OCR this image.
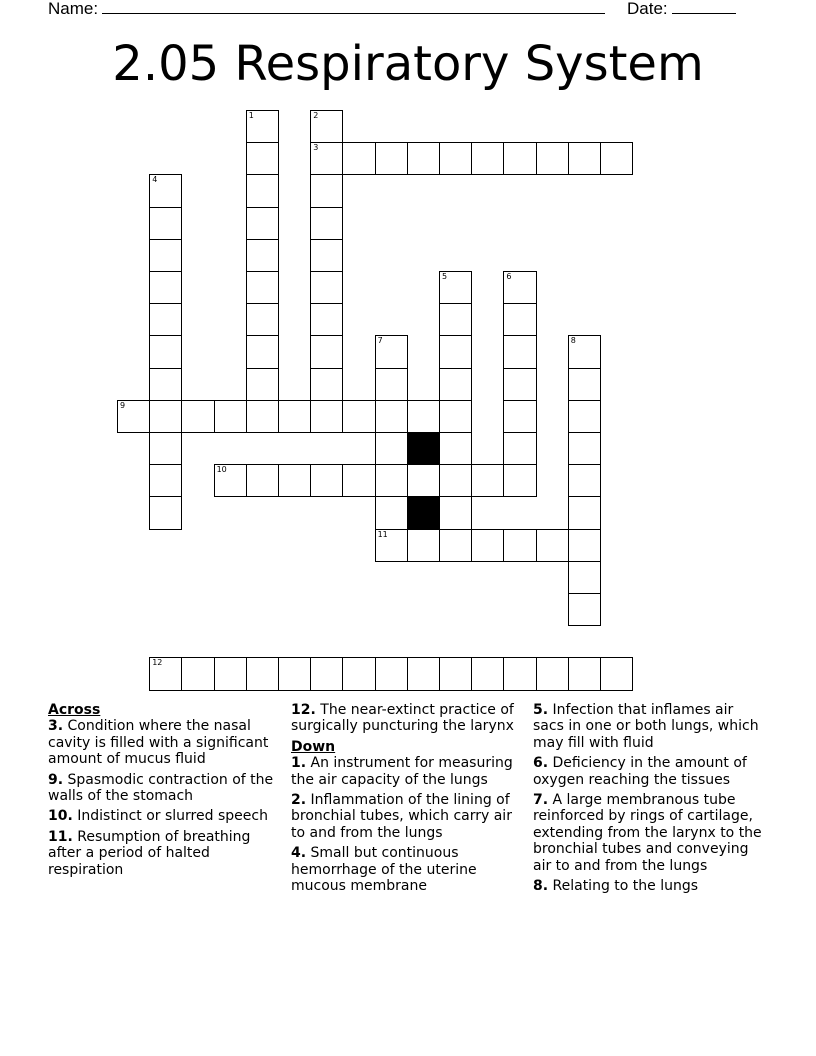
Name:	Date:
2.05 Respiratory System
1	2
3
4
5	6
7	8
9
10
11
12
Across
3. Condition where the nasal cavity is filled with a significant amount of mucus fluid
9. Spasmodic contraction of the walls of the stomach
10. Indistinct or slurred speech
11. Resumption of breathing after a period of halted respiration
12. The near-extinct practice of surgically puncturing the larynx
Down
1. An instrument for measuring the air capacity of the lungs
2. Inflammation of the lining of bronchial tubes, which carry air to and from the lungs
4. Small but continuous hemorrhage of the uterine mucous membrane
5. Infection that inflames air sacs in one or both lungs, which may fill with fluid
6. Deficiency in the amount of oxygen reaching the tissues
7. A large membranous tube reinforced by rings of cartilage, extending from the larynx to the bronchial tubes and conveying air to and from the lungs
8. Relating to the lungs
